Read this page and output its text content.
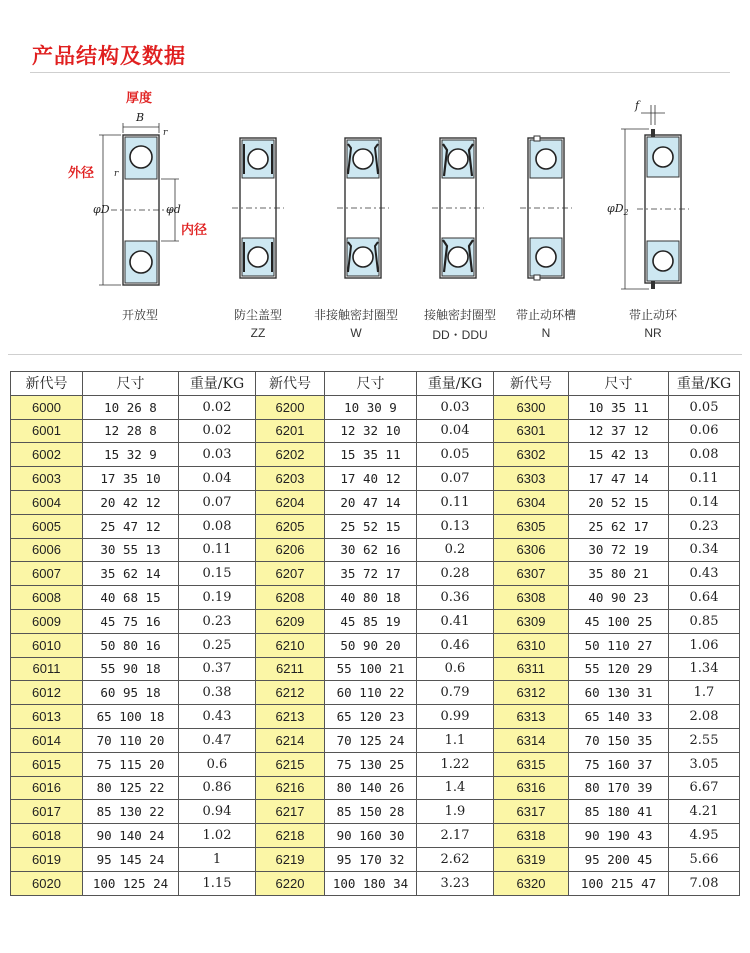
产品结构及数据
厚度
B
r
r
外径
φD	φd
内径
f
$\varphi D_2$
开放型	防尘盖型
ZZ
非接触密封圈型
W
接触密封圈型
DD・DDU
带止动环槽
N
带止动环
NR
新代号	尺寸	重量/KG	新代号	尺寸	重量/KG	新代号	尺寸	重量/KG
6000	10 26 8	0.02	6200	10 30 9	0.03	6300	10 35 11	0.05
6001	12 28 8	0.02	6201	12 32 10	0.04	6301	12 37 12	0.06
6002	15 32 9	0.03	6202	15 35 11	0.05	6302	15 42 13	0.08
6003	17 35 10	0.04	6203	17 40 12	0.07	6303	17 47 14	0.11
6004	20 42 12	0.07	6204	20 47 14	0.11	6304	20 52 15	0.14
6005	25 47 12	0.08	6205	25 52 15	0.13	6305	25 62 17	0.23
6006	30 55 13	0.11	6206	30 62 16	0.2	6306	30 72 19	0.34
6007	35 62 14	0.15	6207	35 72 17	0.28	6307	35 80 21	0.43
6008	40 68 15	0.19	6208	40 80 18	0.36	6308	40 90 23	0.64
6009	45 75 16	0.23	6209	45 85 19	0.41	6309	45 100 25	0.85
6010	50 80 16	0.25	6210	50 90 20	0.46	6310	50 110 27	1.06
6011	55 90 18	0.37	6211	55 100 21	0.6	6311	55 120 29	1.34
6012	60 95 18	0.38	6212	60 110 22	0.79	6312	60 130 31	1.7
6013	65 100 18	0.43	6213	65 120 23	0.99	6313	65 140 33	2.08
6014	70 110 20	0.47	6214	70 125 24	1.1	6314	70 150 35	2.55
6015	75 115 20	0.6	6215	75 130 25	1.22	6315	75 160 37	3.05
6016	80 125 22	0.86	6216	80 140 26	1.4	6316	80 170 39	6.67
6017	85 130 22	0.94	6217	85 150 28	1.9	6317	85 180 41	4.21
6018	90 140 24	1.02	6218	90 160 30	2.17	6318	90 190 43	4.95
6019	95 145 24	1	6219	95 170 32	2.62	6319	95 200 45	5.66
6020	100 125 24	1.15	6220	100 180 34	3.23	6320	100 215 47	7.08
